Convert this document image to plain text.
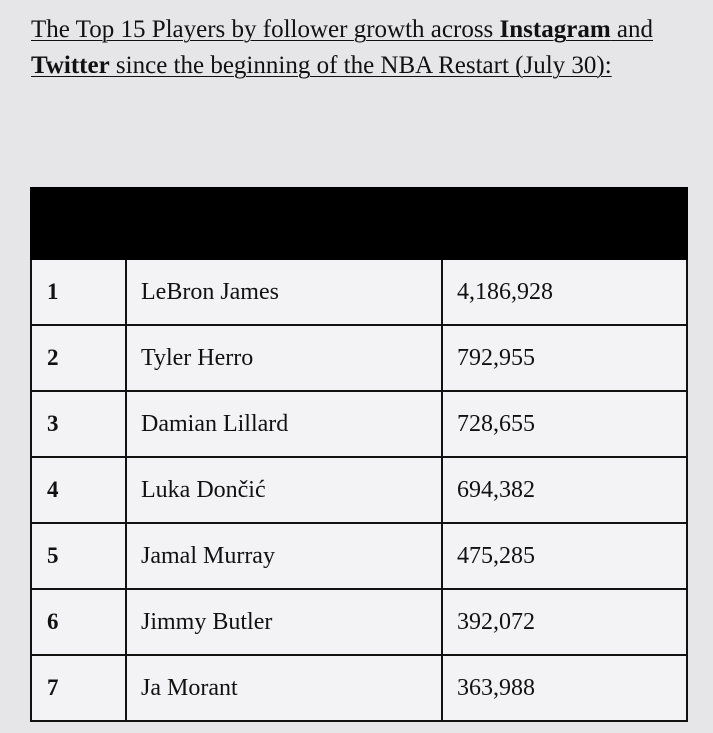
The Top 15 Players by follower growth across Instagram and Twitter since the beginning of the NBA Restart (July 30):

1	LeBron James	4,186,928
2	Tyler Herro	792,955
3	Damian Lillard	728,655
4	Luka Dončić	694,382
5	Jamal Murray	475,285
6	Jimmy Butler	392,072
7	Ja Morant	363,988
